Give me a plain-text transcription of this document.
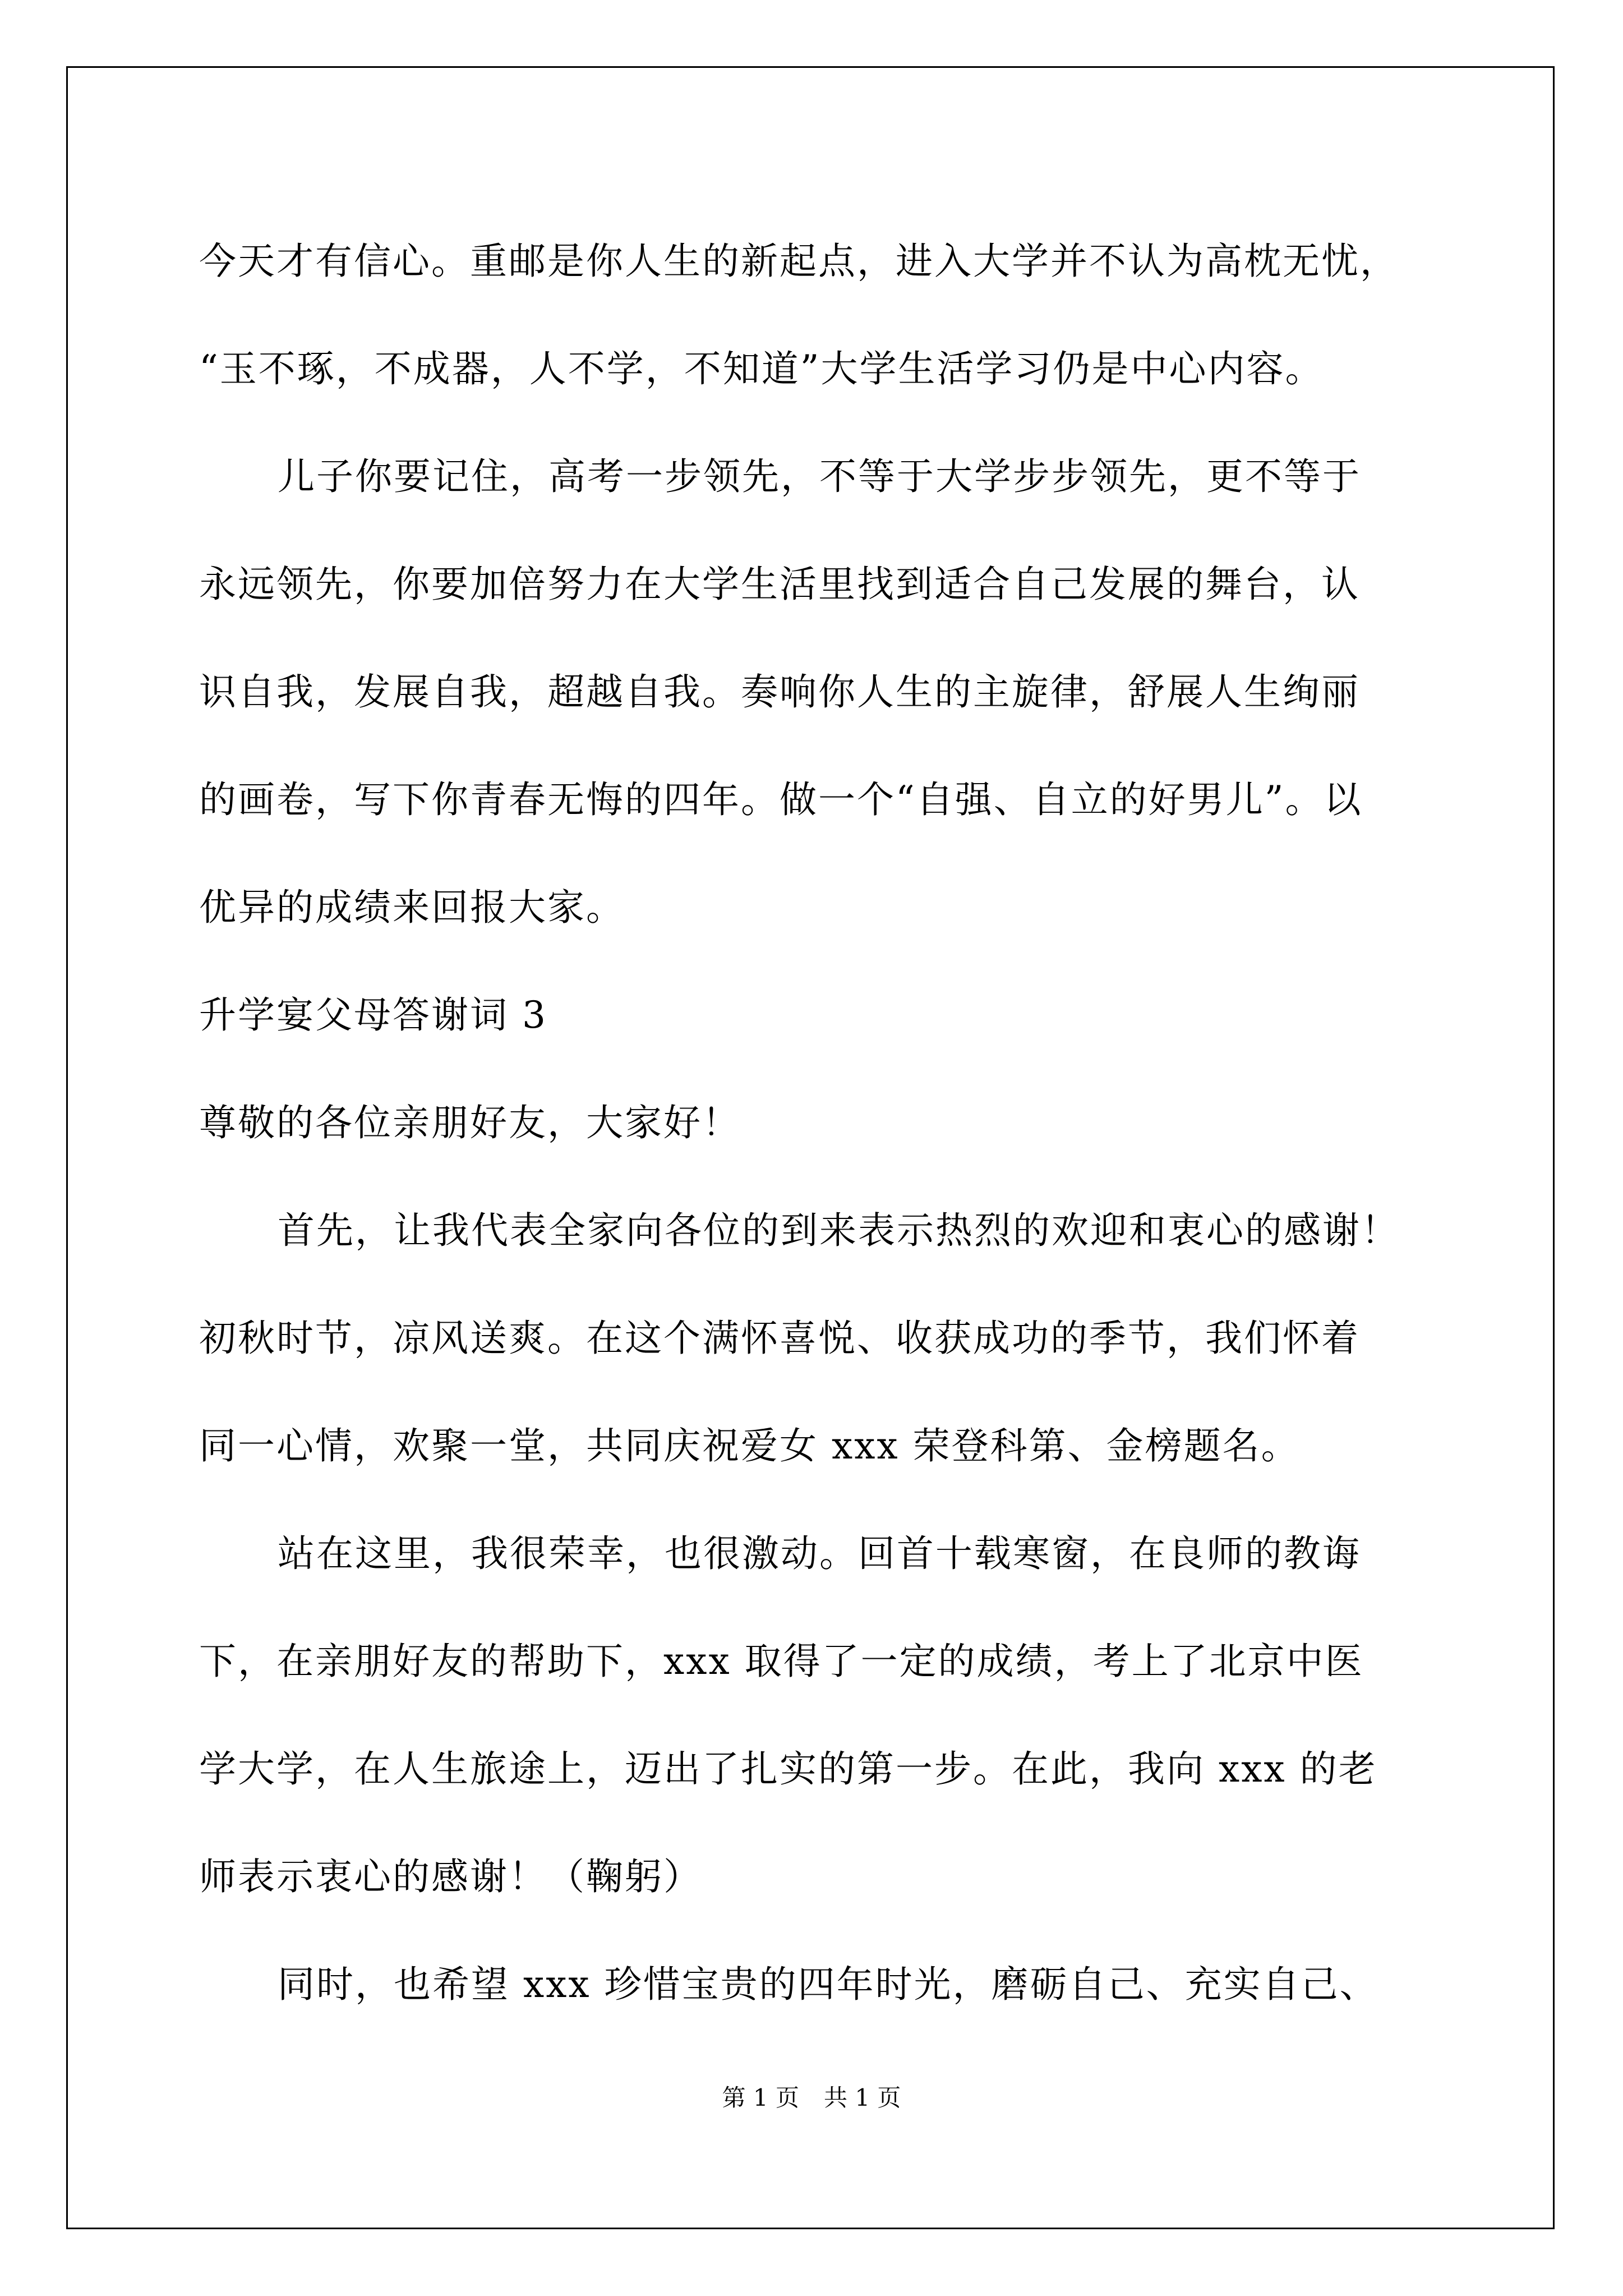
今天才有信心。重邮是你人生的新起点，进入大学并不认为高枕无忧，
“玉不琢，不成器，人不学，不知道”大学生活学习仍是中心内容。
儿子你要记住，高考一步领先，不等于大学步步领先，更不等于
永远领先，你要加倍努力在大学生活里找到适合自己发展的舞台，认
识自我，发展自我，超越自我。奏响你人生的主旋律，舒展人生绚丽
的画卷，写下你青春无悔的四年。做一个“自强、自立的好男儿”。以
优异的成绩来回报大家。
升学宴父母答谢词 3
尊敬的各位亲朋好友，大家好！
首先，让我代表全家向各位的到来表示热烈的欢迎和衷心的感谢！
初秋时节，凉风送爽。在这个满怀喜悦、收获成功的季节，我们怀着
同一心情，欢聚一堂，共同庆祝爱女 xxx 荣登科第、金榜题名。
站在这里，我很荣幸，也很激动。回首十载寒窗，在良师的教诲
下，在亲朋好友的帮助下，xxx 取得了一定的成绩，考上了北京中医
学大学，在人生旅途上，迈出了扎实的第一步。在此，我向 xxx 的老
师表示衷心的感谢！（鞠躬）
同时，也希望 xxx 珍惜宝贵的四年时光，磨砺自己、充实自己、
第 1 页 共 1 页
